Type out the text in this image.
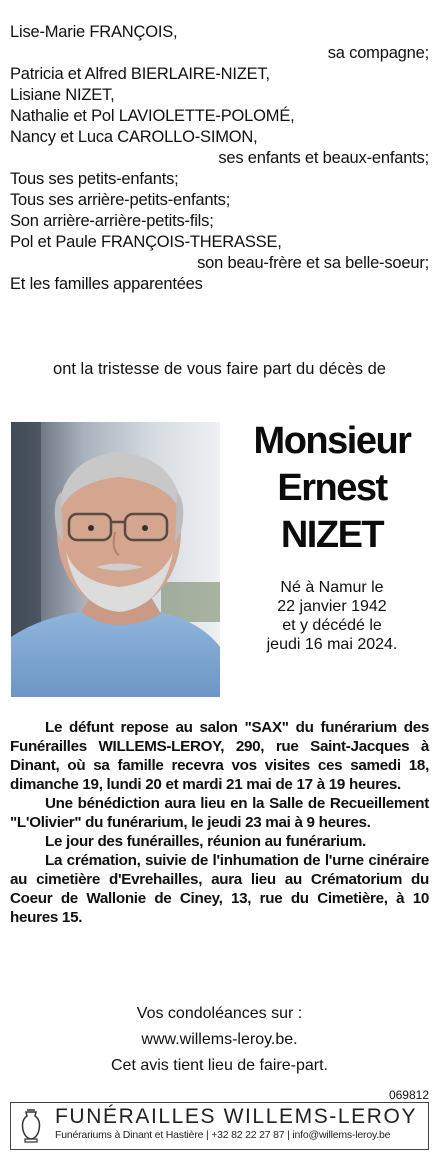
Lise-Marie FRANÇOIS,
sa compagne;
Patricia et Alfred BIERLAIRE-NIZET,
Lisiane NIZET,
Nathalie et Pol LAVIOLETTE-POLOMÉ,
Nancy et Luca CAROLLO-SIMON,
ses enfants et beaux-enfants;
Tous ses petits-enfants;
Tous ses arrière-petits-enfants;
Son arrière-arrière-petits-fils;
Pol et Paule FRANÇOIS-THERASSE,
son beau-frère et sa belle-soeur;
Et les familles apparentées
ont la tristesse de vous faire part du décès de
Monsieur
Ernest
NIZET
Né à Namur le
22 janvier 1942
et y décédé le
jeudi 16 mai 2024.

Le défunt repose au salon "SAX" du funérarium des Funérailles WILLEMS-LEROY, 290, rue Saint-Jacques à Dinant, où sa famille recevra vos visites ces samedi 18, dimanche 19, lundi 20 et mardi 21 mai de 17 à 19 heures.

Une bénédiction aura lieu en la Salle de Recueillement "L'Olivier" du funérarium, le jeudi 23 mai à 9 heures.

Le jour des funérailles, réunion au funérarium.

La crémation, suivie de l'inhumation de l'urne cinéraire au cimetière d'Evrehailles, aura lieu au Crématorium du Coeur de Wallonie de Ciney, 13, rue du Cimetière, à 10 heures 15.

Vos condoléances sur :
www.willems-leroy.be.
Cet avis tient lieu de faire-part.
069812
FUNÉRAILLES WILLEMS-LEROY
Funérariums à Dinant et Hastière | +32 82 22 27 87 | info@willems-leroy.be
